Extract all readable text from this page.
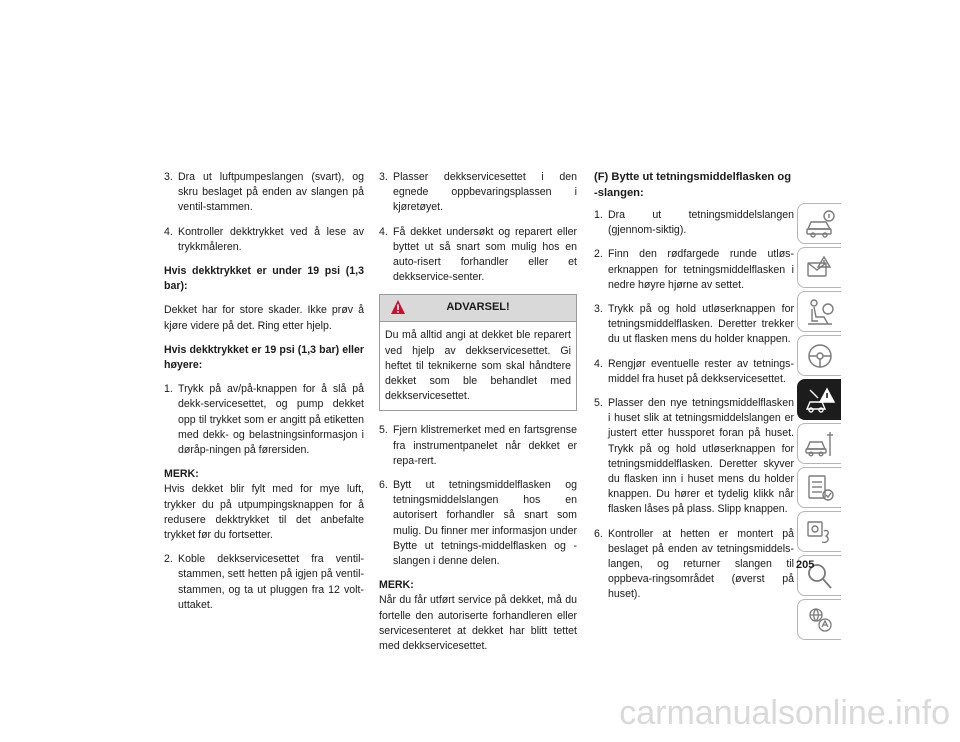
3. Dra ut luftpumpeslangen (svart), og skru beslaget på enden av slangen på ventil-stammen.
4. Kontroller dekktrykket ved å lese av trykkmåleren.

Hvis dekktrykket er under 19 psi (1,3 bar):

Dekket har for store skader. Ikke prøv å kjøre videre på det. Ring etter hjelp.

Hvis dekktrykket er 19 psi (1,3 bar) eller høyere:

1. Trykk på av/på-knappen for å slå på dekk-servicesettet, og pump dekket opp til trykket som er angitt på etiketten med dekk- og belastningsinformasjon i døråp-ningen på førersiden.

MERK:

Hvis dekket blir fylt med for mye luft, trykker du på utpumpingsknappen for å redusere dekktrykket til det anbefalte trykket før du fortsetter.

2. Koble dekkservicesettet fra ventil-stammen, sett hetten på igjen på ventil-stammen, og ta ut pluggen fra 12 volt-uttaket.
3. Plasser dekkservicesettet i den egnede oppbevaringsplassen i kjøretøyet.
4. Få dekket undersøkt og reparert eller byttet ut så snart som mulig hos en auto-risert forhandler eller et dekkservice-senter.
ADVARSEL!
Du må alltid angi at dekket ble reparert ved hjelp av dekkservicesettet. Gi heftet til teknikerne som skal håndtere dekket som ble behandlet med dekkservicesettet.
5. Fjern klistremerket med en fartsgrense fra instrumentpanelet når dekket er repa-rert.
6. Bytt ut tetningsmiddelflasken og tetningsmiddelslangen hos en autorisert forhandler så snart som mulig. Du finner mer informasjon under Bytte ut tetnings-middelflasken og -slangen i denne delen.

MERK:

Når du får utført service på dekket, må du fortelle den autoriserte forhandleren eller servicesenteret at dekket har blitt tettet med dekkservicesettet.

(F) Bytte ut tetningsmiddelflasken og
-slangen:

1. Dra ut tetningsmiddelslangen (gjennom-siktig).
2. Finn den rødfargede runde utløs-erknappen for tetningsmiddelflasken i nedre høyre hjørne av settet.
3. Trykk på og hold utløserknappen for tetningsmiddelflasken. Deretter trekker du ut flasken mens du holder knappen.
4. Rengjør eventuelle rester av tetnings-middel fra huset på dekkservicesettet.
5. Plasser den nye tetningsmiddelflasken i huset slik at tetningsmiddelslangen er justert etter hussporet foran på huset. Trykk på og hold utløserknappen for tetningsmiddelflasken. Deretter skyver du flasken inn i huset mens du holder knappen. Du hører et tydelig klikk når flasken låses på plass. Slipp knappen.
6. Kontroller at hetten er montert på beslaget på enden av tetningsmiddels-langen, og returner slangen til oppbeva-ringsområdet (øverst på huset).
205
carmanualsonline.info
